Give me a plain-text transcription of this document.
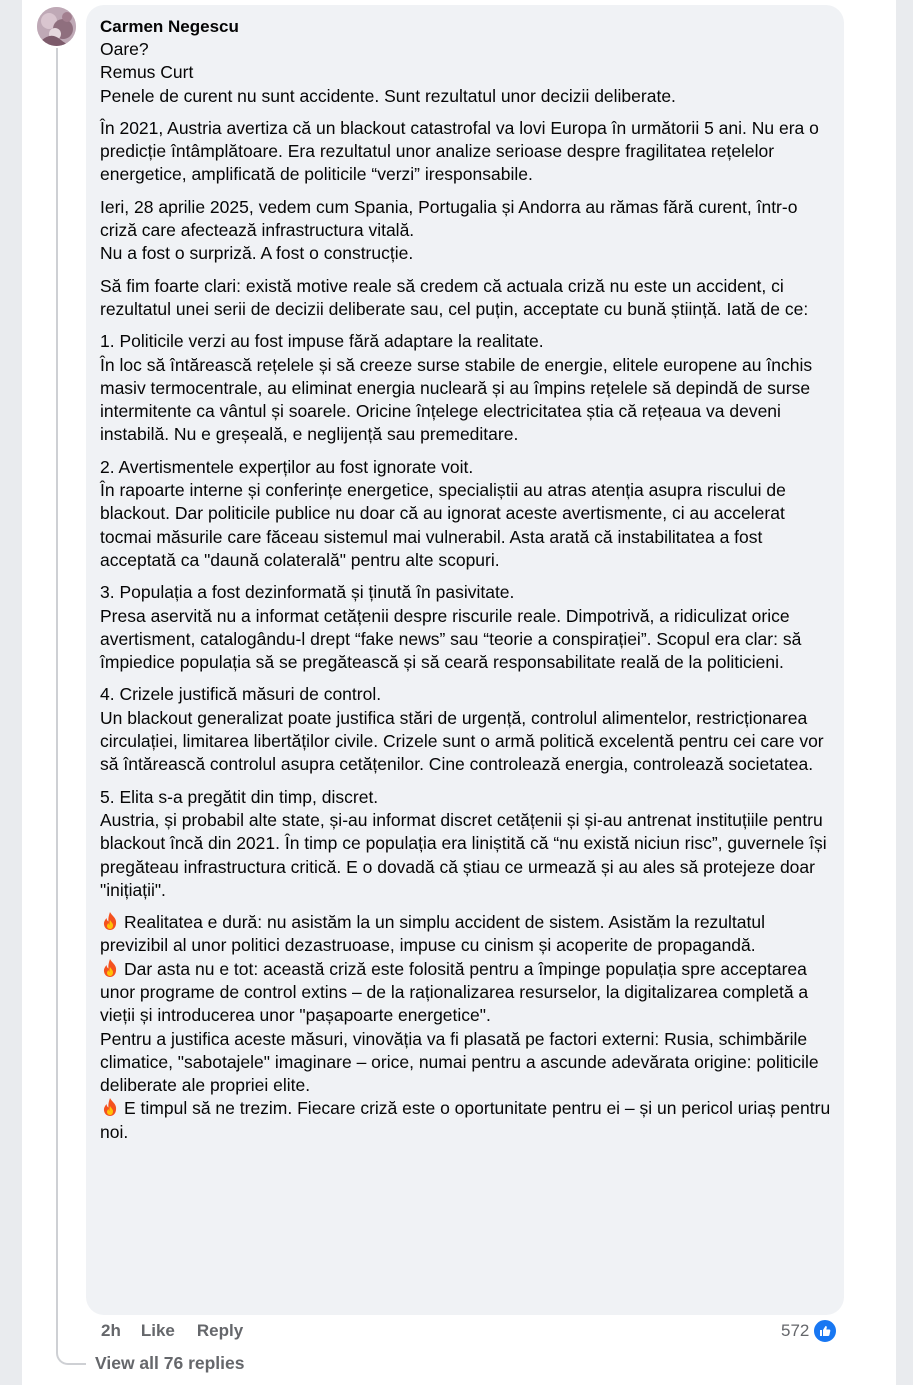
Carmen Negescu

Oare?
Remus Curt
Penele de curent nu sunt accidente. Sunt rezultatul unor decizii deliberate.

În 2021, Austria avertiza că un blackout catastrofal va lovi Europa în următorii 5 ani. Nu era o predicție întâmplătoare. Era rezultatul unor analize serioase despre fragilitatea rețelelor energetice, amplificată de politicile “verzi” iresponsabile.

Ieri, 28 aprilie 2025, vedem cum Spania, Portugalia și Andorra au rămas fără curent, într-o criză care afectează infrastructura vitală.
Nu a fost o surpriză. A fost o construcție.

Să fim foarte clari: există motive reale să credem că actuala criză nu este un accident, ci rezultatul unei serii de decizii deliberate sau, cel puțin, acceptate cu bună știință. Iată de ce:

1. Politicile verzi au fost impuse fără adaptare la realitate.
În loc să întărească rețelele și să creeze surse stabile de energie, elitele europene au închis masiv termocentrale, au eliminat energia nucleară și au împins rețelele să depindă de surse intermitente ca vântul și soarele. Oricine înțelege electricitatea știa că rețeaua va deveni instabilă. Nu e greșeală, e neglijență sau premeditare.

2. Avertismentele experților au fost ignorate voit.
În rapoarte interne și conferințe energetice, specialiștii au atras atenția asupra riscului de blackout. Dar politicile publice nu doar că au ignorat aceste avertismente, ci au accelerat tocmai măsurile care făceau sistemul mai vulnerabil. Asta arată că instabilitatea a fost acceptată ca "daună colaterală" pentru alte scopuri.

3. Populația a fost dezinformată și ținută în pasivitate.
Presa aservită nu a informat cetățenii despre riscurile reale. Dimpotrivă, a ridiculizat orice avertisment, catalogându-l drept “fake news” sau “teorie a conspirației”. Scopul era clar: să împiedice populația să se pregătească și să ceară responsabilitate reală de la politicieni.

4. Crizele justifică măsuri de control.
Un blackout generalizat poate justifica stări de urgență, controlul alimentelor, restricționarea circulației, limitarea libertăților civile. Crizele sunt o armă politică excelentă pentru cei care vor să întărească controlul asupra cetățenilor. Cine controlează energia, controlează societatea.

5. Elita s-a pregătit din timp, discret.
Austria, și probabil alte state, și-au informat discret cetățenii și și-au antrenat instituțiile pentru blackout încă din 2021. În timp ce populația era liniștită că “nu există niciun risc”, guvernele își pregăteau infrastructura critică. E o dovadă că știau ce urmează și au ales să protejeze doar "inițiații".

Realitatea e dură: nu asistăm la un simplu accident de sistem. Asistăm la rezultatul previzibil al unor politici dezastruoase, impuse cu cinism și acoperite de propagandă.
Dar asta nu e tot: această criză este folosită pentru a împinge populația spre acceptarea unor programe de control extins – de la raționalizarea resurselor, la digitalizarea completă a vieții și introducerea unor "pașapoarte energetice".
Pentru a justifica aceste măsuri, vinovăția va fi plasată pe factori externi: Rusia, schimbările climatice, "sabotajele" imaginare – orice, numai pentru a ascunde adevărata origine: politicile deliberate ale propriei elite.
E timpul să ne trezim. Fiecare criză este o oportunitate pentru ei – și un pericol uriaș pentru noi.

2h Like Reply	572
View all 76 replies
